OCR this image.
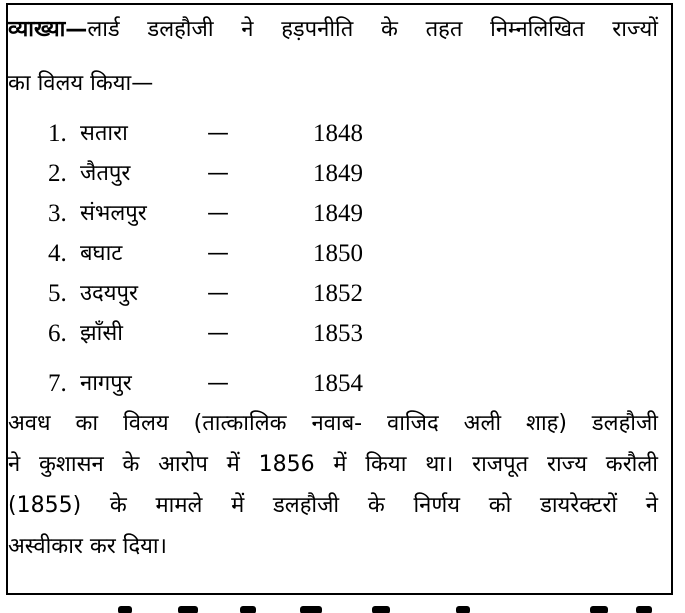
व्याख्या—लार्ड डलहौजी ने हड़पनीति के तहत निम्नलिखित राज्यों
का विलय किया—
1. सतारा	—	1848
2. जैतपुर	—	1849
3. संभलपुर	—	1849
4. बघाट	—	1850
5. उदयपुर	—	1852
6. झाँसी	—	1853
7. नागपुर	—	1854
अवध का विलय (तात्कालिक नवाब- वाजिद अली शाह) डलहौजी
ने कुशासन के आरोप में 1856 में किया था। राजपूत राज्य करौली
(1855) के मामले में डलहौजी के निर्णय को डायरेक्टरों ने
अस्वीकार कर दिया।
